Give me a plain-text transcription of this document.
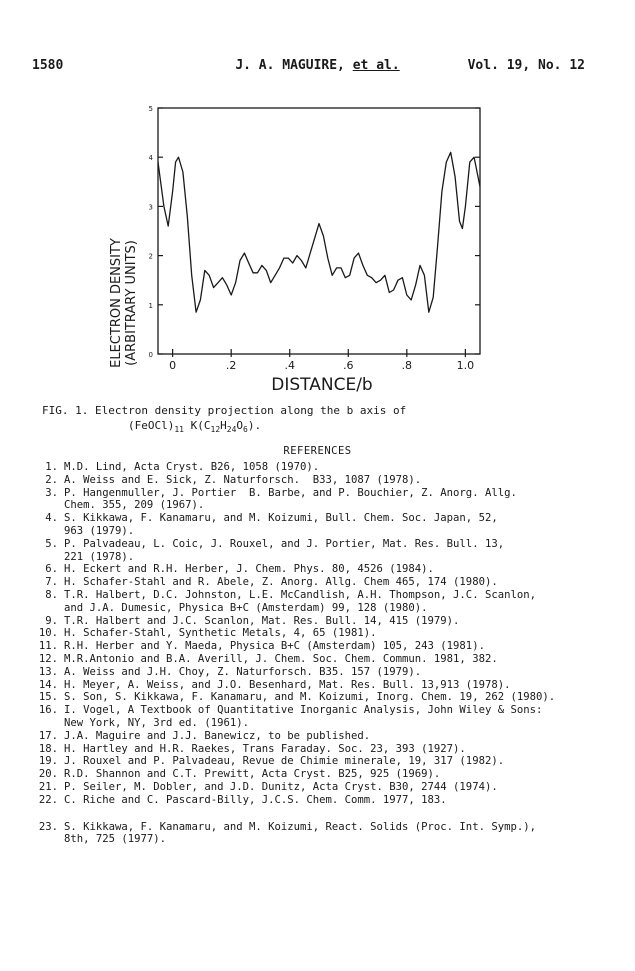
1580	J. A. MAGUIRE, et al.	Vol. 19, No. 12
ELECTRON DENSITY (ARBITRARY UNITS)
DISTANCE/b
0
1
2
3
4
5
0	.2	.4	.6	.8	1.0
FIG. 1. Electron density projection along the b axis of
$(FeOCl)_{11}$ $K(C_{12}H_{24}O_6)$.
REFERENCES
1. M.D. Lind, Acta Cryst. B26, 1058 (1970).
2. A. Weiss and E. Sick, Z. Naturforsch.  B33, 1087 (1978).
3. P. Hangenmuller, J. Portier  B. Barbe, and P. Bouchier, Z. Anorg. Allg.
Chem. 355, 209 (1967).
4. S. Kikkawa, F. Kanamaru, and M. Koizumi, Bull. Chem. Soc. Japan, 52,
963 (1979).
5. P. Palvadeau, L. Coic, J. Rouxel, and J. Portier, Mat. Res. Bull. 13,
221 (1978).
6. H. Eckert and R.H. Herber, J. Chem. Phys. 80, 4526 (1984).
7. H. Schafer-Stahl and R. Abele, Z. Anorg. Allg. Chem 465, 174 (1980).
8. T.R. Halbert, D.C. Johnston, L.E. McCandlish, A.H. Thompson, J.C. Scanlon,
and J.A. Dumesic, Physica B+C (Amsterdam) 99, 128 (1980).
9. T.R. Halbert and J.C. Scanlon, Mat. Res. Bull. 14, 415 (1979).
10. H. Schafer-Stahl, Synthetic Metals, 4, 65 (1981).
11. R.H. Herber and Y. Maeda, Physica B+C (Amsterdam) 105, 243 (1981).
12. M.R.Antonio and B.A. Averill, J. Chem. Soc. Chem. Commun. 1981, 382.
13. A. Weiss and J.H. Choy, Z. Naturforsch. B35. 157 (1979).
14. H. Meyer, A. Weiss, and J.O. Besenhard, Mat. Res. Bull. 13,913 (1978).
15. S. Son, S. Kikkawa, F. Kanamaru, and M. Koizumi, Inorg. Chem. 19, 262 (1980).
16. I. Vogel, A Textbook of Quantitative Inorganic Analysis, John Wiley & Sons:
New York, NY, 3rd ed. (1961).
17. J.A. Maguire and J.J. Banewicz, to be published.
18. H. Hartley and H.R. Raekes, Trans Faraday. Soc. 23, 393 (1927).
19. J. Rouxel and P. Palvadeau, Revue de Chimie minerale, 19, 317 (1982).
20. R.D. Shannon and C.T. Prewitt, Acta Cryst. B25, 925 (1969).
21. P. Seiler, M. Dobler, and J.D. Dunitz, Acta Cryst. B30, 2744 (1974).
22. C. Riche and C. Pascard-Billy, J.C.S. Chem. Comm. 1977, 183.
23. S. Kikkawa, F. Kanamaru, and M. Koizumi, React. Solids (Proc. Int. Symp.),
8th, 725 (1977).
